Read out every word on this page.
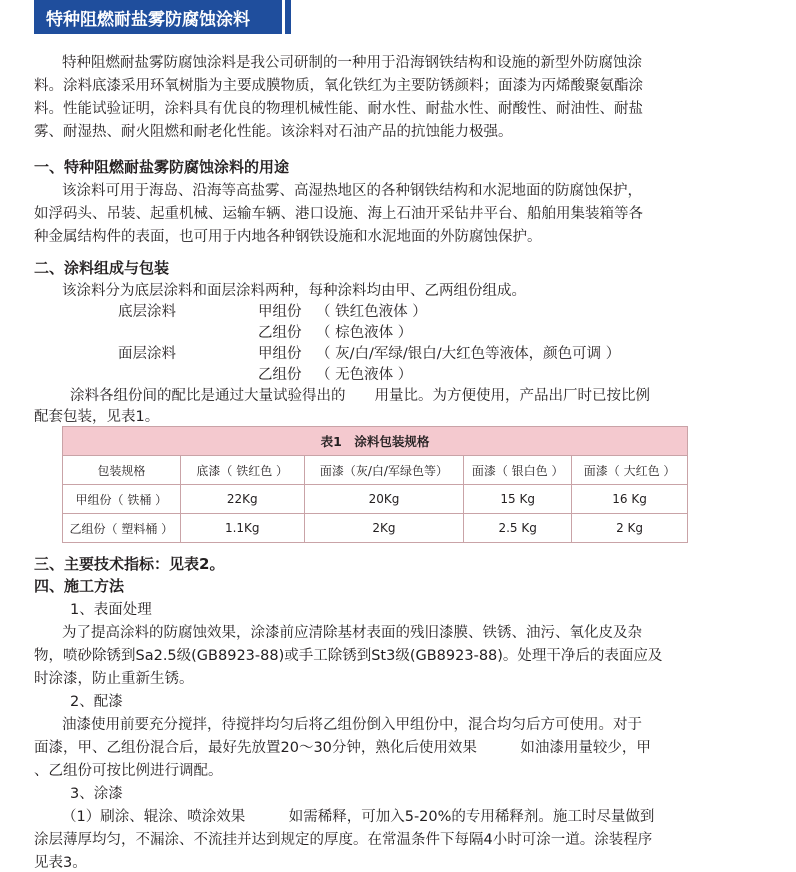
特种阻燃耐盐雾防腐蚀涂料
特种阻燃耐盐雾防腐蚀涂料是我公司研制的一种用于沿海钢铁结构和设施的新型外防腐蚀涂
料。涂料底漆采用环氧树脂为主要成膜物质，氧化铁红为主要防锈颜料；面漆为丙烯酸聚氨酯涂
料。性能试验证明，涂料具有优良的物理机械性能、耐水性、耐盐水性、耐酸性、耐油性、耐盐
雾、耐湿热、耐火阻燃和耐老化性能。该涂料对石油产品的抗蚀能力极强。
一、特种阻燃耐盐雾防腐蚀涂料的用途
该涂料可用于海岛、沿海等高盐雾、高湿热地区的各种钢铁结构和水泥地面的防腐蚀保护，
如浮码头、吊装、起重机械、运输车辆、港口设施、海上石油开采钻井平台、船舶用集装箱等各
种金属结构件的表面，也可用于内地各种钢铁设施和水泥地面的外防腐蚀保护。
二、涂料组成与包装
该涂料分为底层涂料和面层涂料两种，每种涂料均由甲、乙两组份组成。
底层涂料	甲组份 （ 铁红色液体 ）
乙组份 （ 棕色液体 ）
面层涂料	甲组份 （ 灰/白/军绿/银白/大红色等液体，颜色可调 ）
乙组份 （ 无色液体 ）
涂料各组份间的配比是通过大量试验得出的　　用量比。为方便使用，产品出厂时已按比例
配套包装，见表1。
表1　涂料包装规格				
包装规格	底漆（ 铁红色 ）	面漆（灰/白/军绿色等）	面漆（ 银白色 ）	面漆（ 大红色 ）
甲组份（ 铁桶 ）	22Kg	20Kg	15 Kg	16 Kg
乙组份（ 塑料桶 ）	1.1Kg	2Kg	2.5 Kg	2 Kg
三、主要技术指标：见表2。
四、施工方法
1、表面处理
为了提高涂料的防腐蚀效果，涂漆前应清除基材表面的残旧漆膜、铁锈、油污、氧化皮及杂
物，喷砂除锈到Sa2.5级(GB8923-88)或手工除锈到St3级(GB8923-88)。处理干净后的表面应及
时涂漆，防止重新生锈。
2、配漆
油漆使用前要充分搅拌，待搅拌均匀后将乙组份倒入甲组份中，混合均匀后方可使用。对于
面漆，甲、乙组份混合后，最好先放置20～30分钟，熟化后使用效果　　　如油漆用量较少，甲
、乙组份可按比例进行调配。
3、涂漆
（1）刷涂、辊涂、喷涂效果　　　如需稀释，可加入5-20%的专用稀释剂。施工时尽量做到
涂层薄厚均匀，不漏涂、不流挂并达到规定的厚度。在常温条件下每隔4小时可涂一道。涂装程序
见表3。
